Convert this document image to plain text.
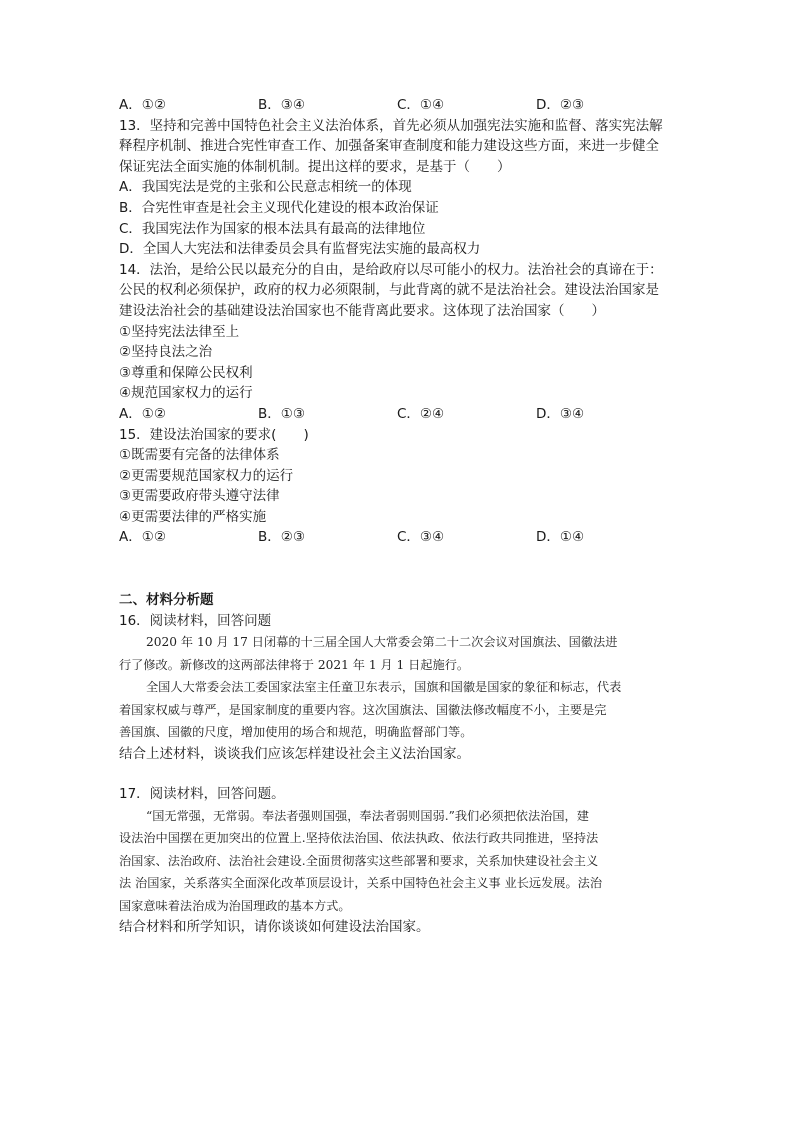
A．①②	B．③④	C．①④	D．②③
13．坚持和完善中国特色社会主义法治体系，首先必须从加强宪法实施和监督、落实宪法解
释程序机制、推进合宪性审查工作、加强备案审查制度和能力建设这些方面，来进一步健全
保证宪法全面实施的体制机制。提出这样的要求，是基于（　　）
A．我国宪法是党的主张和公民意志相统一的体现
B．合宪性审查是社会主义现代化建设的根本政治保证
C．我国宪法作为国家的根本法具有最高的法律地位
D．全国人大宪法和法律委员会具有监督宪法实施的最高权力
14．法治，是给公民以最充分的自由，是给政府以尽可能小的权力。法治社会的真谛在于：
公民的权利必须保护，政府的权力必须限制，与此背离的就不是法治社会。建设法治国家是
建设法治社会的基础建设法治国家也不能背离此要求。这体现了法治国家（　　）
①坚持宪法法律至上
②坚持良法之治
③尊重和保障公民权利
④规范国家权力的运行
A．①②	B．①③	C．②④	D．③④
15．建设法治国家的要求(　　)
①既需要有完备的法律体系
②更需要规范国家权力的运行
③更需要政府带头遵守法律
④更需要法律的严格实施
A．①②	B．②③	C．③④	D．①④
二、材料分析题
16．阅读材料，回答问题
2020 年 10 月 17 日闭幕的十三届全国人大常委会第二十二次会议对国旗法、国徽法进
行了修改。新修改的这两部法律将于 2021 年 1 月 1 日起施行。
全国人大常委会法工委国家法室主任童卫东表示，国旗和国徽是国家的象征和标志，代表
着国家权威与尊严，是国家制度的重要内容。这次国旗法、国徽法修改幅度不小，主要是完
善国旗、国徽的尺度，增加使用的场合和规范，明确监督部门等。
结合上述材料，谈谈我们应该怎样建设社会主义法治国家。
17．阅读材料，回答问题。
“国无常强，无常弱。奉法者强则国强，奉法者弱则国弱.”我们必须把依法治国，建
设法治中国摆在更加突出的位置上.坚持依法治国、依法执政、依法行政共同推进，坚持法
治国家、法治政府、法治社会建设.全面贯彻落实这些部署和要求，关系加快建设社会主义
法 治国家，关系落实全面深化改革顶层设计，关系中国特色社会主义事 业长远发展。法治
国家意味着法治成为治国理政的基本方式。
结合材料和所学知识，请你谈谈如何建设法治国家。
